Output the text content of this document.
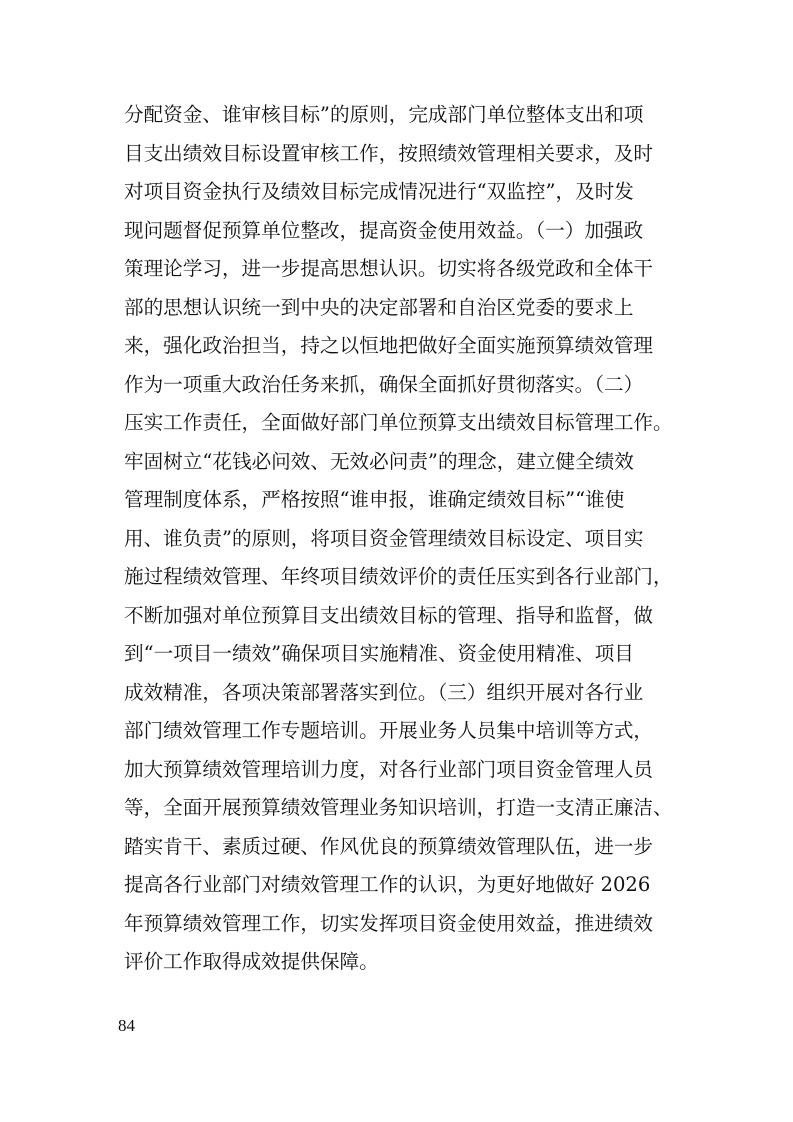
分配资金、谁审核目标”的原则，完成部门单位整体支出和项
目支出绩效目标设置审核工作，按照绩效管理相关要求，及时
对项目资金执行及绩效目标完成情况进行“双监控”，及时发
现问题督促预算单位整改，提高资金使用效益。（一）加强政
策理论学习，进一步提高思想认识。切实将各级党政和全体干
部的思想认识统一到中央的决定部署和自治区党委的要求上
来，强化政治担当，持之以恒地把做好全面实施预算绩效管理
作为一项重大政治任务来抓，确保全面抓好贯彻落实。（二）
压实工作责任，全面做好部门单位预算支出绩效目标管理工作。
牢固树立“花钱必问效、无效必问责”的理念，建立健全绩效
管理制度体系，严格按照“谁申报，谁确定绩效目标”“谁使
用、谁负责”的原则，将项目资金管理绩效目标设定、项目实
施过程绩效管理、年终项目绩效评价的责任压实到各行业部门，
不断加强对单位预算目支出绩效目标的管理、指导和监督，做
到“一项目一绩效”确保项目实施精准、资金使用精准、项目
成效精准，各项决策部署落实到位。（三）组织开展对各行业
部门绩效管理工作专题培训。开展业务人员集中培训等方式，
加大预算绩效管理培训力度，对各行业部门项目资金管理人员
等，全面开展预算绩效管理业务知识培训，打造一支清正廉洁、
踏实肯干、素质过硬、作风优良的预算绩效管理队伍，进一步
提高各行业部门对绩效管理工作的认识，为更好地做好 2026
年预算绩效管理工作，切实发挥项目资金使用效益，推进绩效
评价工作取得成效提供保障。
84
